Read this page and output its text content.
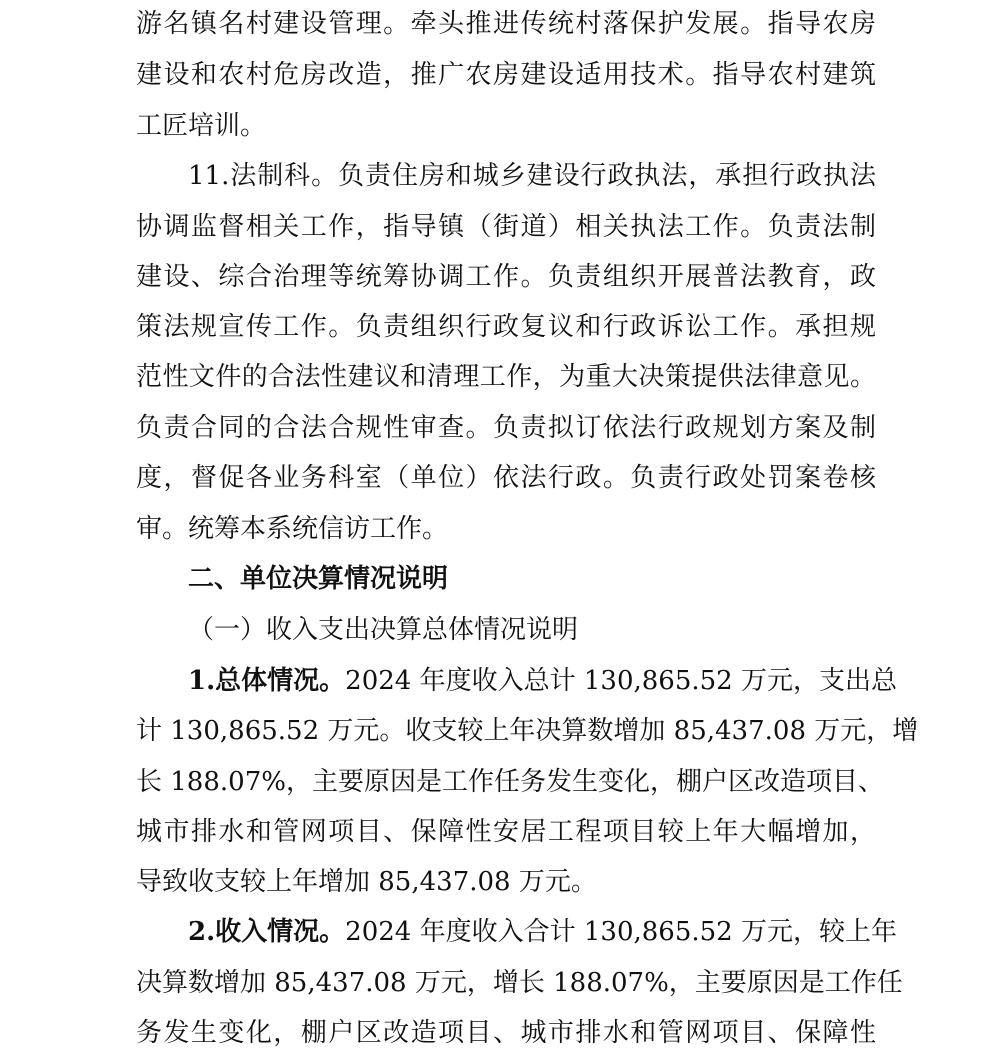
游名镇名村建设管理。牵头推进传统村落保护发展。指导农房
建设和农村危房改造，推广农房建设适用技术。指导农村建筑
工匠培训。
11.法制科。负责住房和城乡建设行政执法，承担行政执法
协调监督相关工作，指导镇（街道）相关执法工作。负责法制
建设、综合治理等统筹协调工作。负责组织开展普法教育，政
策法规宣传工作。负责组织行政复议和行政诉讼工作。承担规
范性文件的合法性建议和清理工作，为重大决策提供法律意见。
负责合同的合法合规性审查。负责拟订依法行政规划方案及制
度，督促各业务科室（单位）依法行政。负责行政处罚案卷核
审。统筹本系统信访工作。
二、单位决算情况说明
（一）收入支出决算总体情况说明
1.总体情况。2024 年度收入总计 130,865.52 万元，支出总
计 130,865.52 万元。收支较上年决算数增加 85,437.08 万元，增
长 188.07%，主要原因是工作任务发生变化，棚户区改造项目、
城市排水和管网项目、保障性安居工程项目较上年大幅增加，
导致收支较上年增加 85,437.08 万元。
2.收入情况。2024 年度收入合计 130,865.52 万元，较上年
决算数增加 85,437.08 万元，增长 188.07%，主要原因是工作任
务发生变化，棚户区改造项目、城市排水和管网项目、保障性
